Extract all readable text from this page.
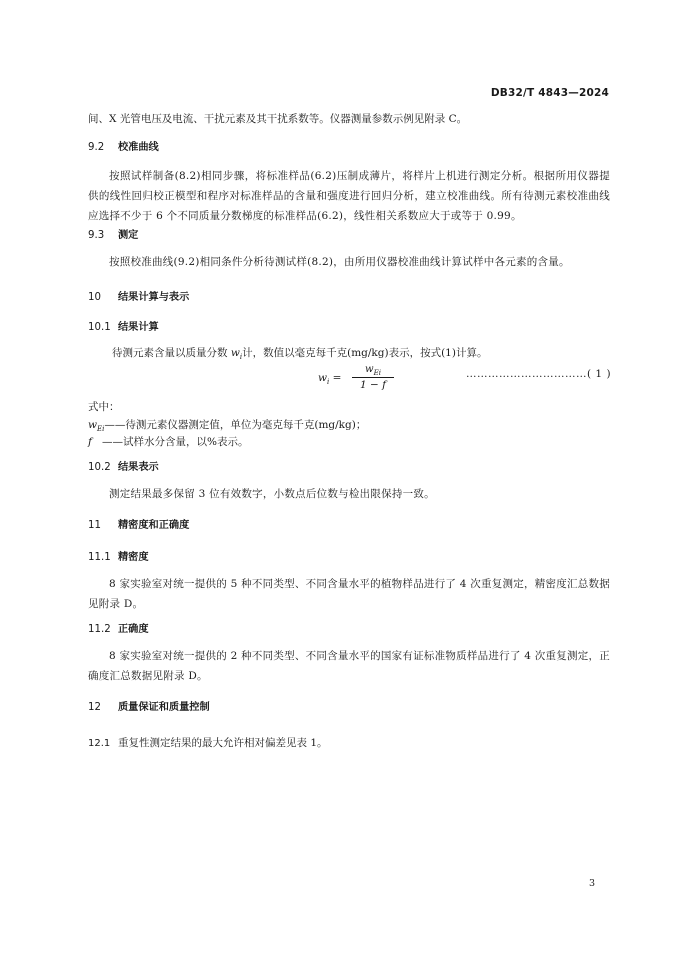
DB32/T 4843—2024
间、X 光管电压及电流、干扰元素及其干扰系数等。仪器测量参数示例见附录 C。
9.2 校准曲线
按照试样制备(8.2)相同步骤，将标准样品(6.2)压制成薄片，将样片上机进行测定分析。根据所用仪器提供的线性回归校正模型和程序对标准样品的含量和强度进行回归分析，建立校准曲线。所有待测元素校准曲线应选择不少于 6 个不同质量分数梯度的标准样品(6.2)，线性相关系数应大于或等于 0.99。
9.3 测定
按照校准曲线(9.2)相同条件分析待测试样(8.2)，由所用仪器校准曲线计算试样中各元素的含量。
10 结果计算与表示
10.1 结果计算
待测元素含量以质量分数 $w_i$计，数值以毫克每千克(mg/kg)表示，按式(1)计算。
$w_i$ =
$w_{Ei}$
1 − f
……………………………( 1 )
式中：
$w_{Ei}——$待测元素仪器测定值，单位为毫克每千克(mg/kg)；
f ——试样水分含量，以%表示。
10.2 结果表示
测定结果最多保留 3 位有效数字，小数点后位数与检出限保持一致。
11 精密度和正确度
11.1 精密度
8 家实验室对统一提供的 5 种不同类型、不同含量水平的植物样品进行了 4 次重复测定，精密度汇总数据见附录 D。
11.2 正确度
8 家实验室对统一提供的 2 种不同类型、不同含量水平的国家有证标准物质样品进行了 4 次重复测定，正确度汇总数据见附录 D。
12 质量保证和质量控制
12.1 重复性测定结果的最大允许相对偏差见表 1。
3
